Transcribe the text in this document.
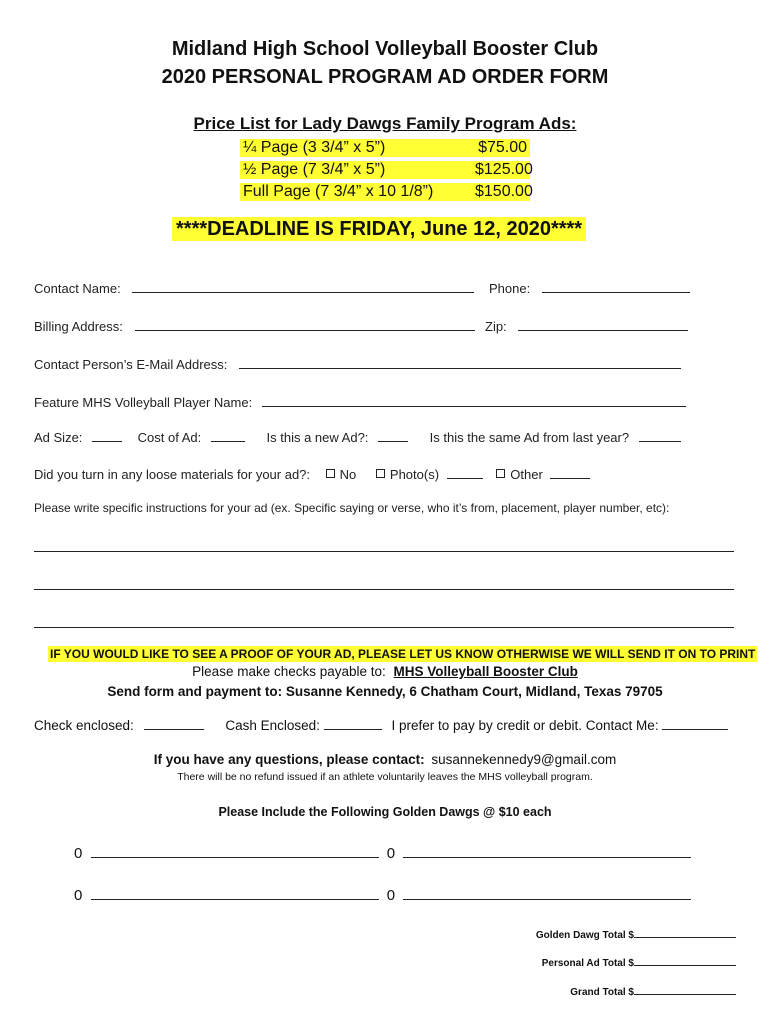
Midland High School Volleyball Booster Club
2020 PERSONAL PROGRAM AD ORDER FORM
Price List for Lady Dawgs Family Program Ads:
¼ Page (3 3/4” x 5”)	$75.00
½ Page (7 3/4” x 5”)	$125.00
Full Page (7 3/4” x 10 1/8”)	$150.00
****DEADLINE IS FRIDAY, June 12, 2020****
Contact Name:	Phone:
Billing Address:	Zip:
Contact Person’s E-Mail Address:
Feature MHS Volleyball Player Name:
Ad Size:	Cost of Ad:	Is this a new Ad?:	Is this the same Ad from last year?
Did you turn in any loose materials for your ad?: No	Photo(s)	Other
Please write specific instructions for your ad (ex. Specific saying or verse, who it’s from, placement, player number, etc):
IF YOU WOULD LIKE TO SEE A PROOF OF YOUR AD, PLEASE LET US KNOW OTHERWISE WE WILL SEND IT ON TO PRINT
Please make checks payable to: MHS Volleyball Booster Club
Send form and payment to: Susanne Kennedy, 6 Chatham Court, Midland, Texas 79705
Check enclosed:	Cash Enclosed:	I prefer to pay by credit or debit. Contact Me:
If you have any questions, please contact: susannekennedy9@gmail.com
There will be no refund issued if an athlete voluntarily leaves the MHS volleyball program.
Please Include the Following Golden Dawgs @ $10 each
0	0
0	0
Golden Dawg Total $
Personal Ad Total $
Grand Total $
